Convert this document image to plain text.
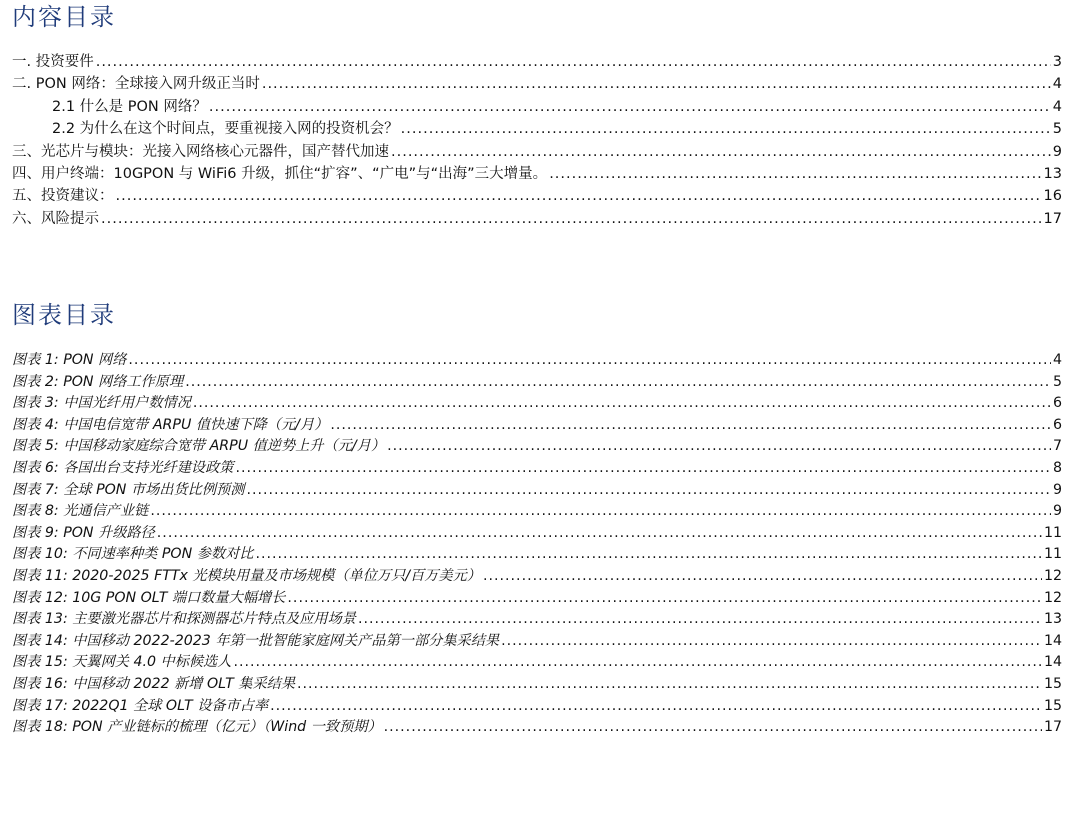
内容目录
一. 投资要件 .....	3
二. PON 网络：全球接入网升级正当时 .....	4
2.1 什么是 PON 网络？ .....	4
2.2 为什么在这个时间点，要重视接入网的投资机会？ .....	5
三、光芯片与模块：光接入网络核心元器件，国产替代加速 .....	9
四、用户终端：10GPON 与 WiFi6 升级，抓住“扩容”、“广电”与“出海”三大增量。 .....	13
五、投资建议： .....	16
六、风险提示 .....	17
图表目录
图表 1: PON 网络 .....	4
图表 2: PON 网络工作原理 .....	5
图表 3: 中国光纤用户数情况 .....	6
图表 4: 中国电信宽带 ARPU 值快速下降（元/月） .....	6
图表 5: 中国移动家庭综合宽带 ARPU 值逆势上升（元/月） .....	7
图表 6: 各国出台支持光纤建设政策 .....	8
图表 7: 全球 PON 市场出货比例预测 .....	9
图表 8: 光通信产业链 .....	9
图表 9: PON 升级路径 .....	11
图表 10: 不同速率种类 PON 参数对比 .....	11
图表 11: 2020-2025 FTTx 光模块用量及市场规模（单位万只/百万美元） .....	12
图表 12: 10G PON OLT 端口数量大幅增长 .....	12
图表 13: 主要激光器芯片和探测器芯片特点及应用场景 .....	13
图表 14: 中国移动 2022-2023 年第一批智能家庭网关产品第一部分集采结果 .....	14
图表 15: 天翼网关 4.0 中标候选人 .....	14
图表 16: 中国移动 2022 新增 OLT 集采结果 .....	15
图表 17: 2022Q1 全球 OLT 设备市占率 .....	15
图表 18: PON 产业链标的梳理（亿元）（Wind 一致预期） .....	17
